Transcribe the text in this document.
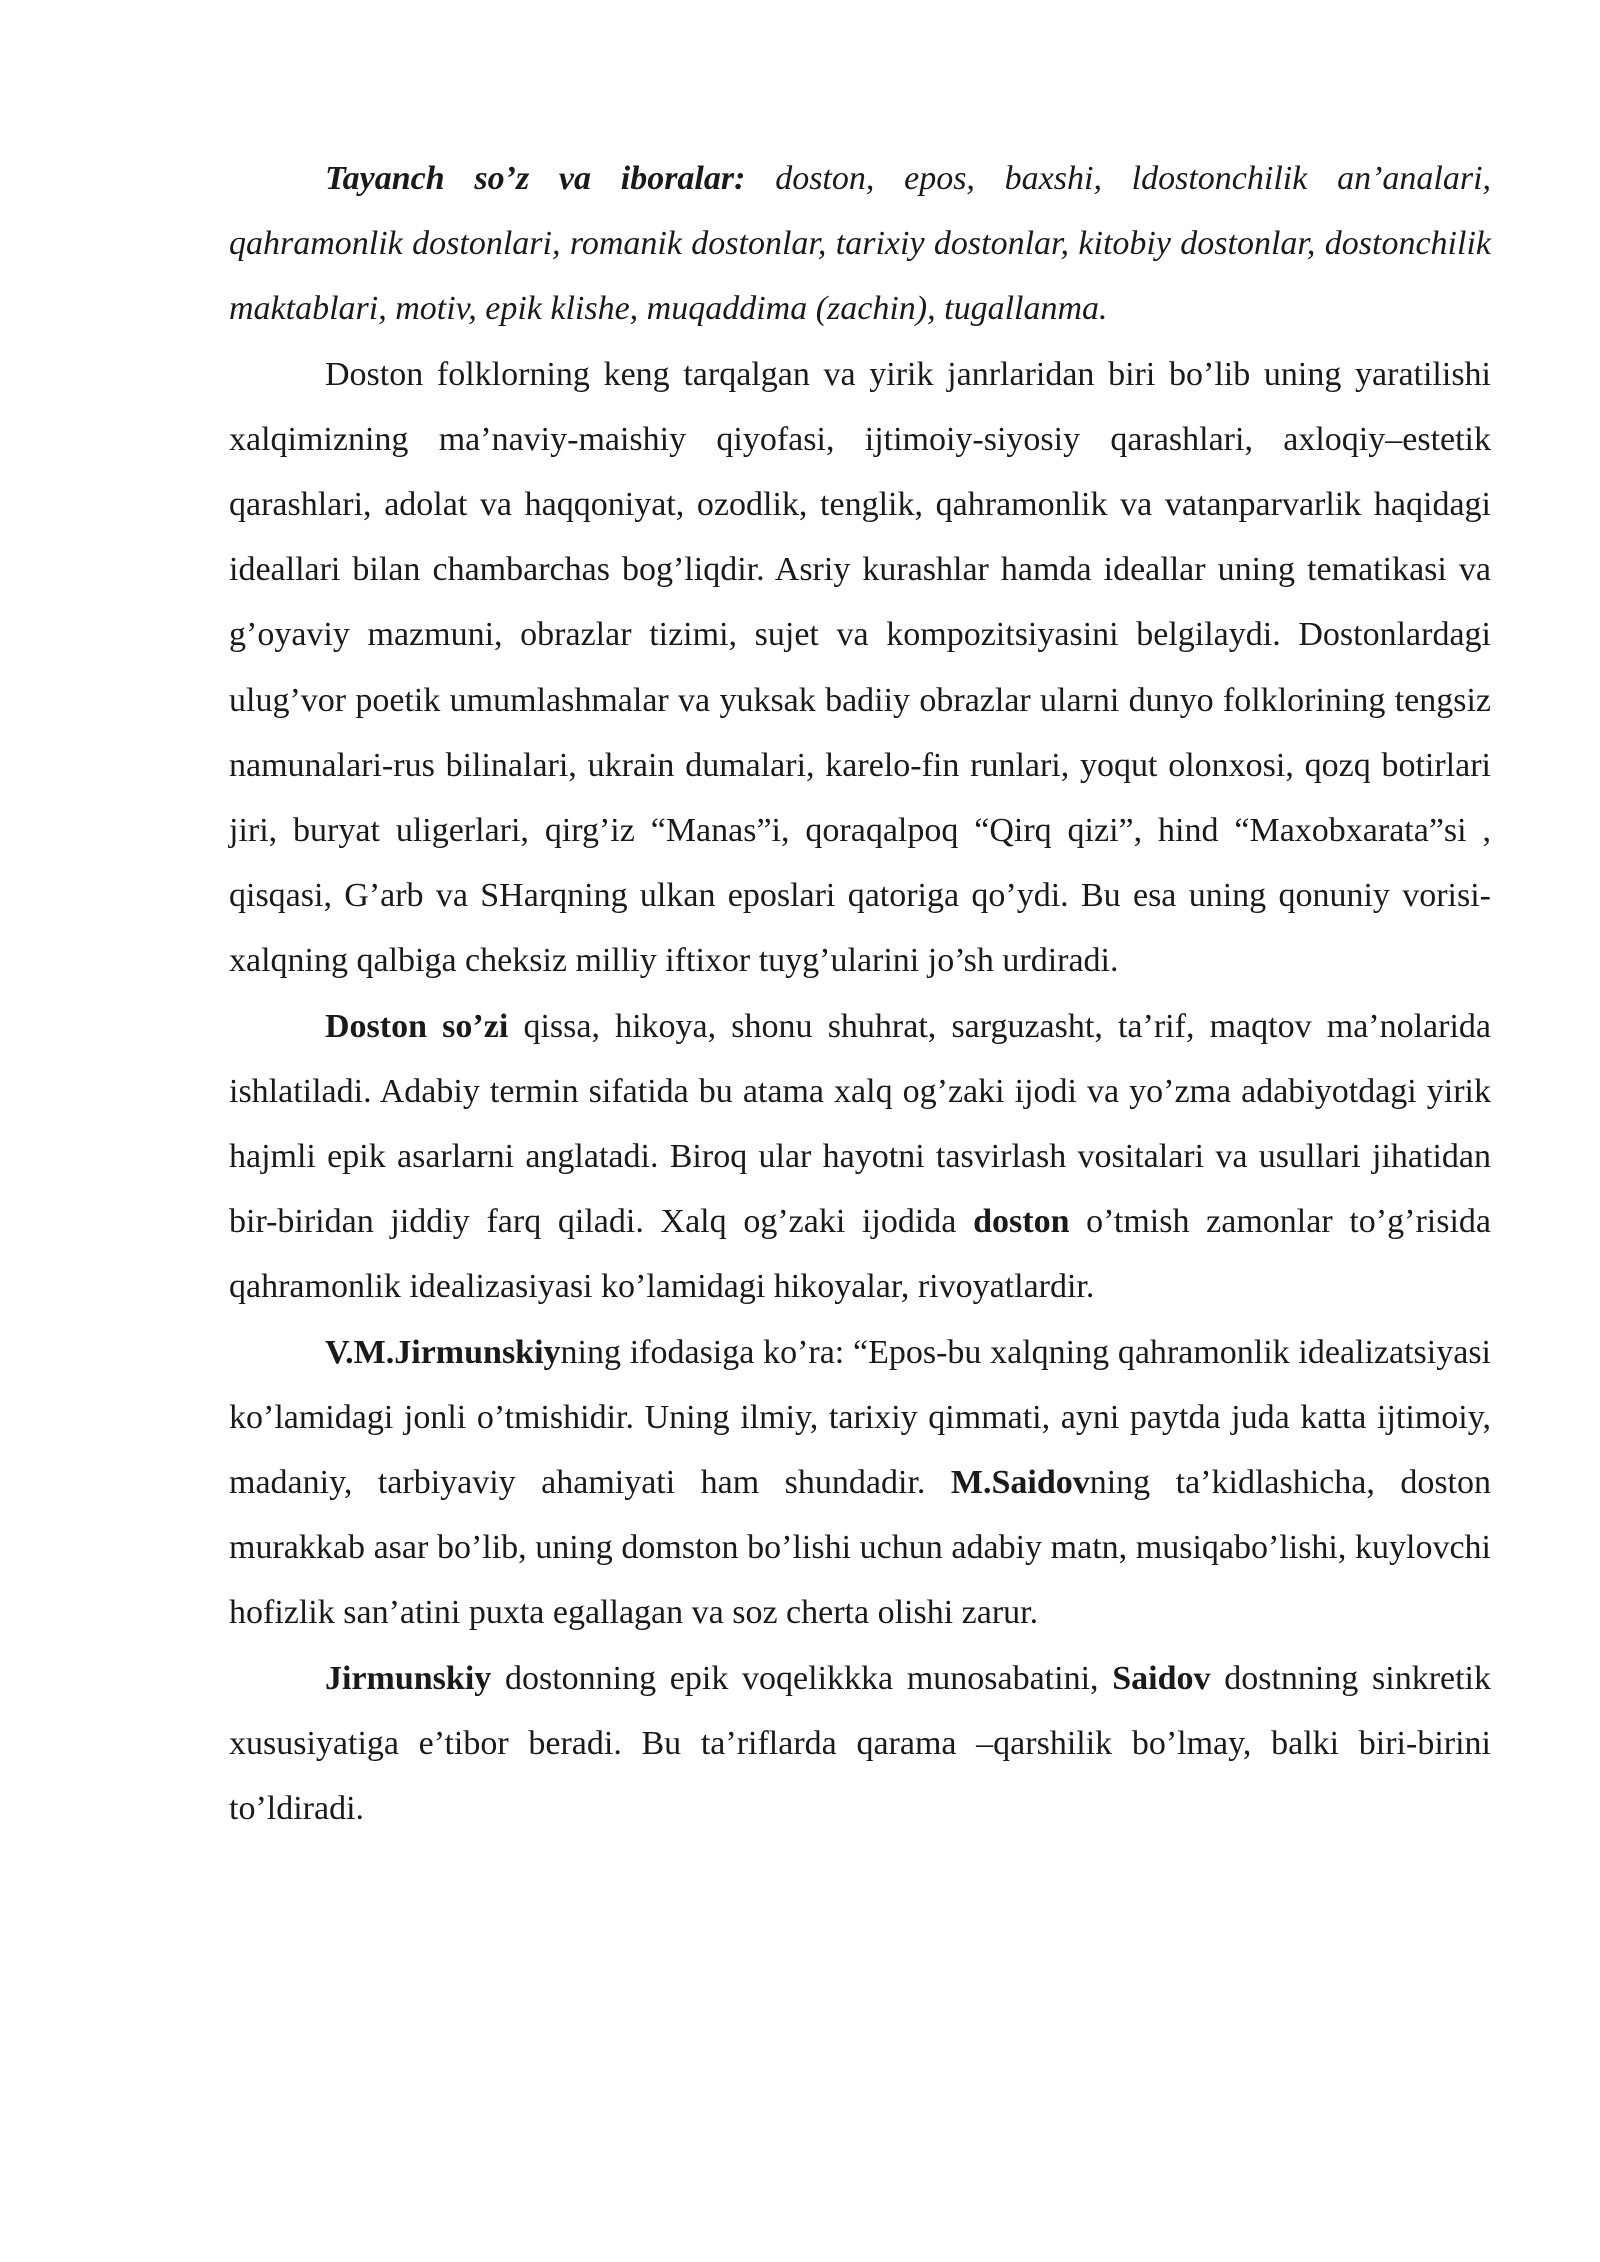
Tayanch so’z va iboralar: doston, epos, baxshi, ldostonchilik an’analari, qahramonlik dostonlari, romanik dostonlar, tarixiy dostonlar, kitobiy dostonlar, dostonchilik maktablari, motiv, epik klishe, muqaddima (zachin), tugallanma.

Doston folklorning keng tarqalgan va yirik janrlaridan biri bo’lib uning yaratilishi xalqimizning ma’naviy-maishiy qiyofasi, ijtimoiy-siyosiy qarashlari, axloqiy–estetik qarashlari, adolat va haqqoniyat, ozodlik, tenglik, qahramonlik va vatanparvarlik haqidagi ideallari bilan chambarchas bog’liqdir. Asriy kurashlar hamda ideallar uning tematikasi va g’oyaviy mazmuni, obrazlar tizimi, sujet va kompozitsiyasini belgilaydi. Dostonlardagi ulug’vor poetik umumlashmalar va yuksak badiiy obrazlar ularni dunyo folklorining tengsiz namunalari-rus bilinalari, ukrain dumalari, karelo-fin runlari, yoqut olonxosi, qozq botirlari jiri, buryat uligerlari, qirg’iz “Manas”i, qoraqalpoq “Qirq qizi”, hind “Maxobxarata”si , qisqasi, G’arb va SHarqning ulkan eposlari qatoriga qo’ydi. Bu esa uning qonuniy vorisi-xalqning qalbiga cheksiz milliy iftixor tuyg’ularini jo’sh urdiradi.

Doston so’zi qissa, hikoya, shonu shuhrat, sarguzasht, ta’rif, maqtov ma’nolarida ishlatiladi. Adabiy termin sifatida bu atama xalq og’zaki ijodi va yo’zma adabiyotdagi yirik hajmli epik asarlarni anglatadi. Biroq ular hayotni tasvirlash vositalari va usullari jihatidan bir-biridan jiddiy farq qiladi. Xalq og’zaki ijodida doston o’tmish zamonlar to’g’risida qahramonlik idealizasiyasi ko’lamidagi hikoyalar, rivoyatlardir.

V.M.Jirmunskiyning ifodasiga ko’ra: “Epos-bu xalqning qahramonlik idealizatsiyasi ko’lamidagi jonli o’tmishidir. Uning ilmiy, tarixiy qimmati, ayni paytda juda katta ijtimoiy, madaniy, tarbiyaviy ahamiyati ham shundadir. M.Saidovning ta’kidlashicha, doston murakkab asar bo’lib, uning domston bo’lishi uchun adabiy matn, musiqabo’lishi, kuylovchi hofizlik san’atini puxta egallagan va soz cherta olishi zarur.

Jirmunskiy dostonning epik voqelikkka munosabatini, Saidov dostnning sinkretik xususiyatiga e’tibor beradi. Bu ta’riflarda qarama –qarshilik bo’lmay, balki biri-birini to’ldiradi.
